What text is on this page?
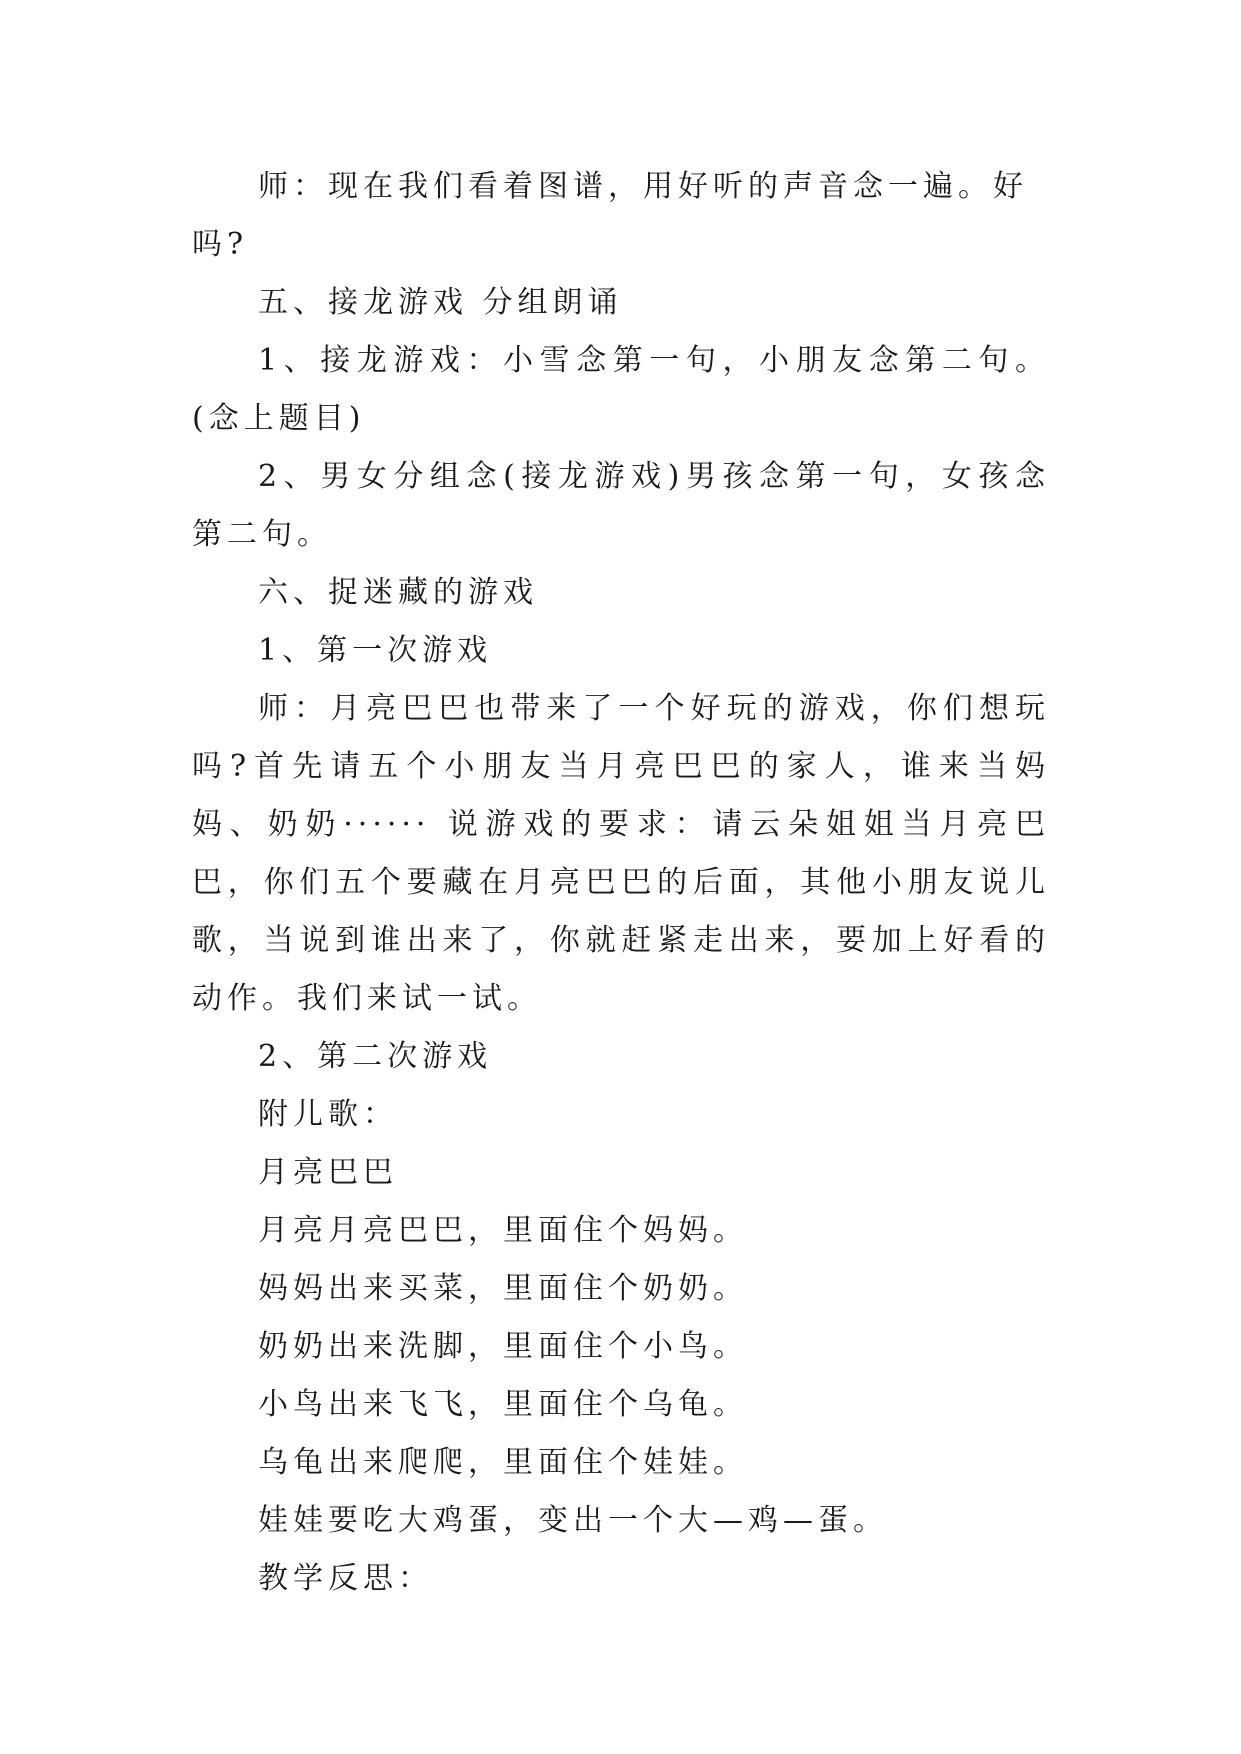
师：现在我们看着图谱，用好听的声音念一遍。好吗?

五、接龙游戏 分组朗诵

1、接龙游戏：小雪念第一句，小朋友念第二句。(念上题目)

2、男女分组念(接龙游戏)男孩念第一句，女孩念第二句。

六、捉迷藏的游戏

1、第一次游戏

师：月亮巴巴也带来了一个好玩的游戏，你们想玩吗?首先请五个小朋友当月亮巴巴的家人，谁来当妈妈、奶奶······ 说游戏的要求：请云朵姐姐当月亮巴巴，你们五个要藏在月亮巴巴的后面，其他小朋友说儿歌，当说到谁出来了，你就赶紧走出来，要加上好看的动作。我们来试一试。

2、第二次游戏

附儿歌：

月亮巴巴

月亮月亮巴巴，里面住个妈妈。

妈妈出来买菜，里面住个奶奶。

奶奶出来洗脚，里面住个小鸟。

小鸟出来飞飞，里面住个乌龟。

乌龟出来爬爬，里面住个娃娃。

娃娃要吃大鸡蛋，变出一个大—鸡—蛋。

教学反思：
